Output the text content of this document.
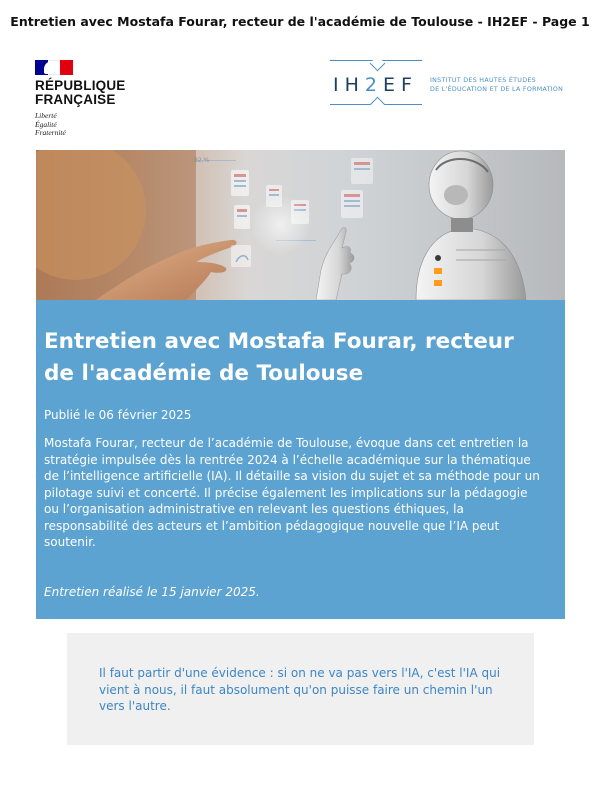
Entretien avec Mostafa Fourar, recteur de l'académie de Toulouse - IH2EF - Page 1
RÉPUBLIQUE
FRANÇAISE
Liberté
Égalité
Fraternité
IH2EF INSTITUT DES HAUTES ÉTUDES
DE L'ÉDUCATION ET DE LA FORMATION
82,%
Entretien avec Mostafa Fourar, recteur de l'académie de Toulouse
Publié le 06 février 2025
Mostafa Fourar, recteur de l’académie de Toulouse, évoque dans cet entretien la stratégie impulsée dès la rentrée 2024 à l’échelle académique sur la thématique de l’intelligence artificielle (IA). Il détaille sa vision du sujet et sa méthode pour un pilotage suivi et concerté. Il précise également les implications sur la pédagogie ou l’organisation administrative en relevant les questions éthiques, la responsabilité des acteurs et l’ambition pédagogique nouvelle que l’IA peut soutenir.
Entretien réalisé le 15 janvier 2025.
Il faut partir d'une évidence : si on ne va pas vers l'IA, c'est l'IA qui vient à nous, il faut absolument qu'on puisse faire un chemin l'un vers l'autre.
